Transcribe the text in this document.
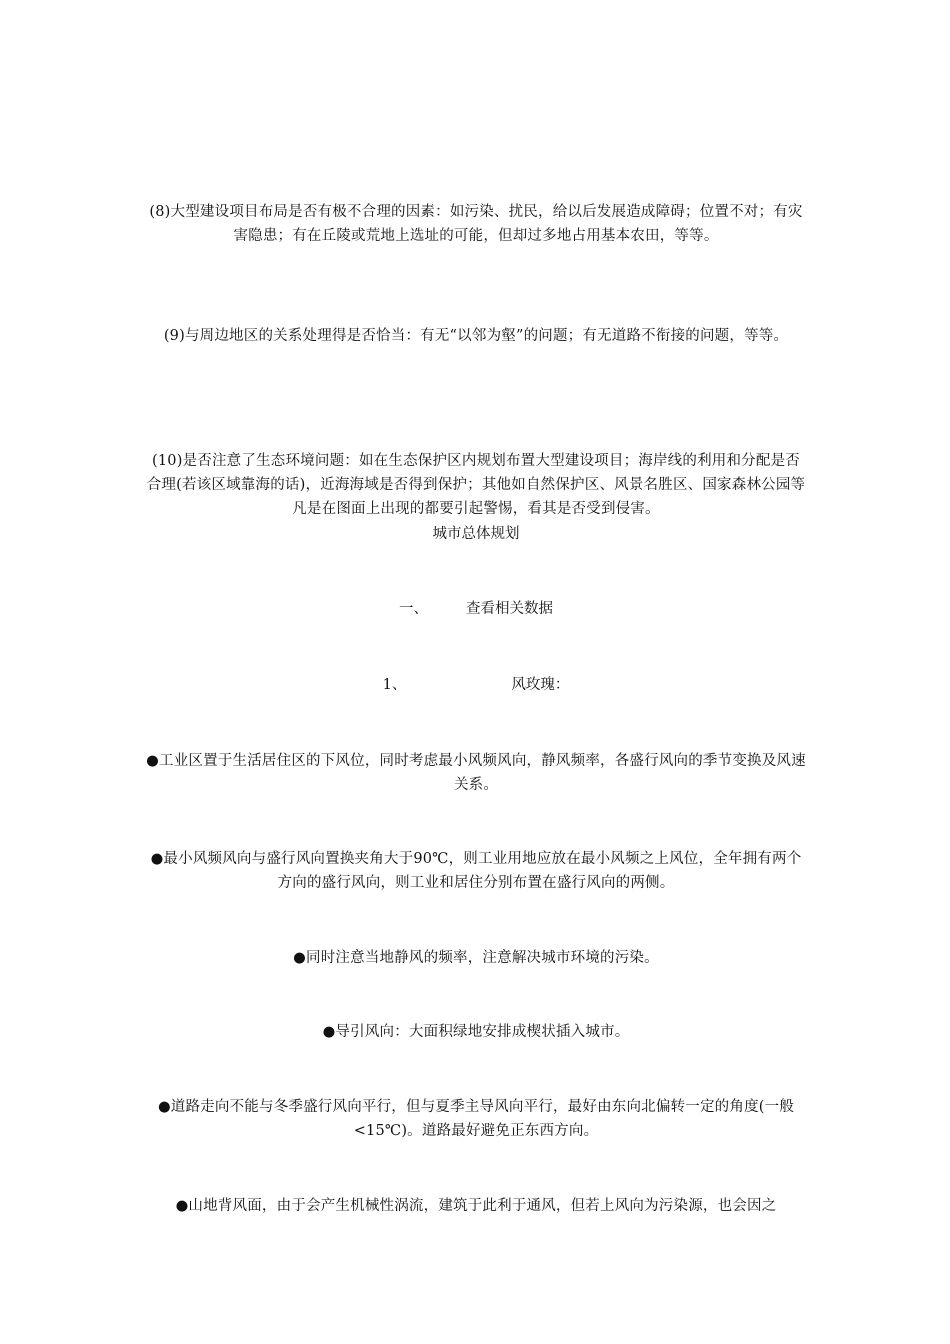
(8)大型建设项目布局是否有极不合理的因素：如污染、扰民，给以后发展造成障碍；位置不对；有灾害隐患；有在丘陵或荒地上选址的可能，但却过多地占用基本农田，等等。
(9)与周边地区的关系处理得是否恰当：有无“以邻为壑”的问题；有无道路不衔接的问题，等等。
(10)是否注意了生态环境问题：如在生态保护区内规划布置大型建设项目；海岸线的利用和分配是否合理(若该区域靠海的话)，近海海域是否得到保护；其他如自然保护区、风景名胜区、国家森林公园等凡是在图面上出现的都要引起警惕，看其是否受到侵害。
城市总体规划
一、	查看相关数据
1、	风玫瑰：
●工业区置于生活居住区的下风位，同时考虑最小风频风向，静风频率，各盛行风向的季节变换及风速关系。
●最小风频风向与盛行风向置换夹角大于90℃，则工业用地应放在最小风频之上风位，全年拥有两个方向的盛行风向，则工业和居住分别布置在盛行风向的两侧。
●同时注意当地静风的频率，注意解决城市环境的污染。
●导引风向：大面积绿地安排成楔状插入城市。
●道路走向不能与冬季盛行风向平行，但与夏季主导风向平行，最好由东向北偏转一定的角度(一般<15℃)。道路最好避免正东西方向。
●山地背风面，由于会产生机械性涡流，建筑于此利于通风，但若上风向为污染源，也会因之
